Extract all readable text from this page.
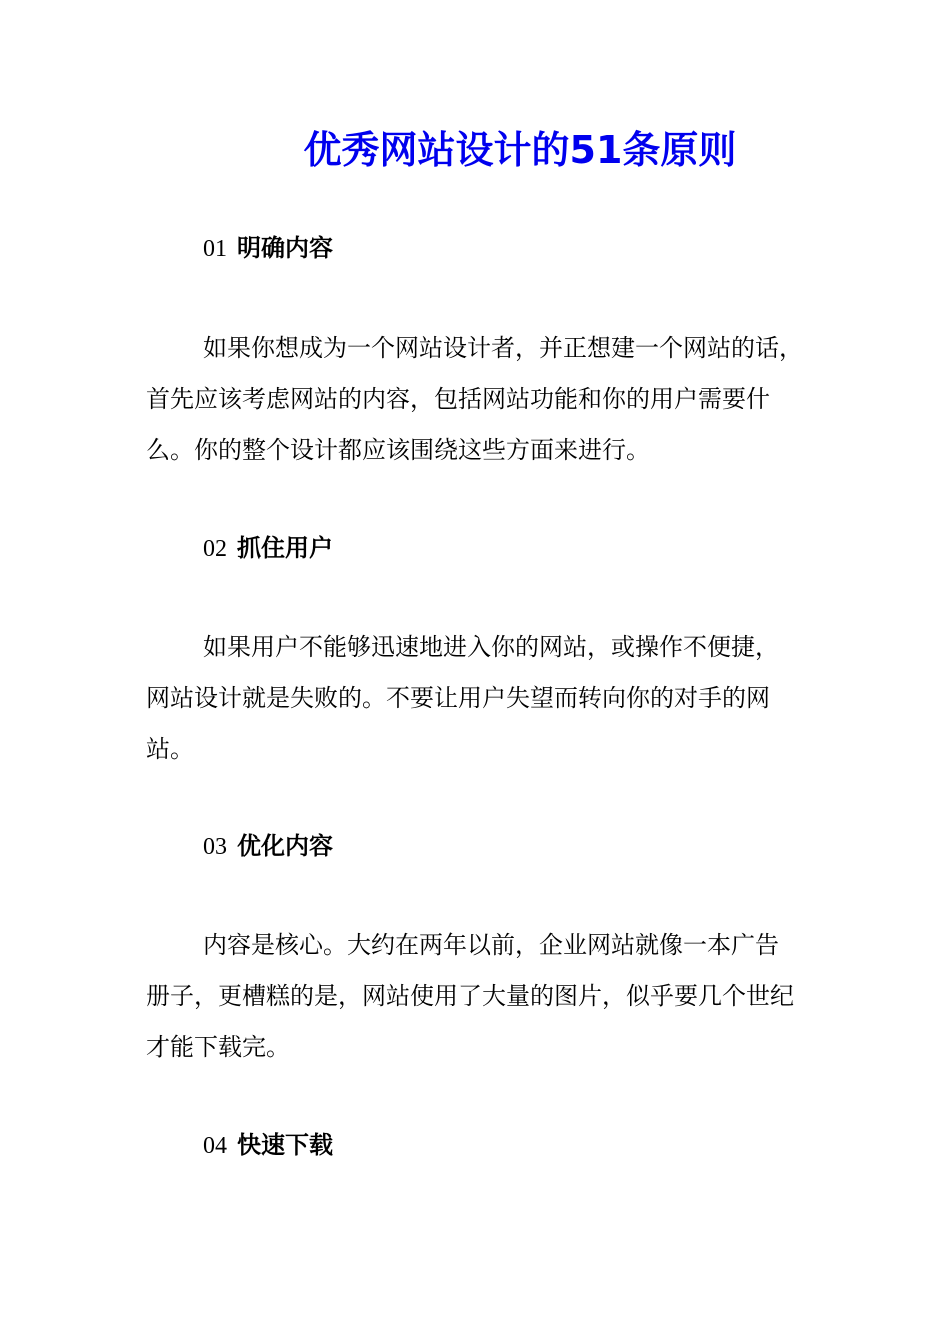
优秀网站设计的51条原则
01 明确内容
如果你想成为一个网站设计者，并正想建一个网站的话，
首先应该考虑网站的内容，包括网站功能和你的用户需要什
么。你的整个设计都应该围绕这些方面来进行。
02 抓住用户
如果用户不能够迅速地进入你的网站，或操作不便捷，
网站设计就是失败的。不要让用户失望而转向你的对手的网
站。
03 优化内容
内容是核心。大约在两年以前，企业网站就像一本广告
册子，更槽糕的是，网站使用了大量的图片，似乎要几个世纪
才能下载完。
04 快速下载
